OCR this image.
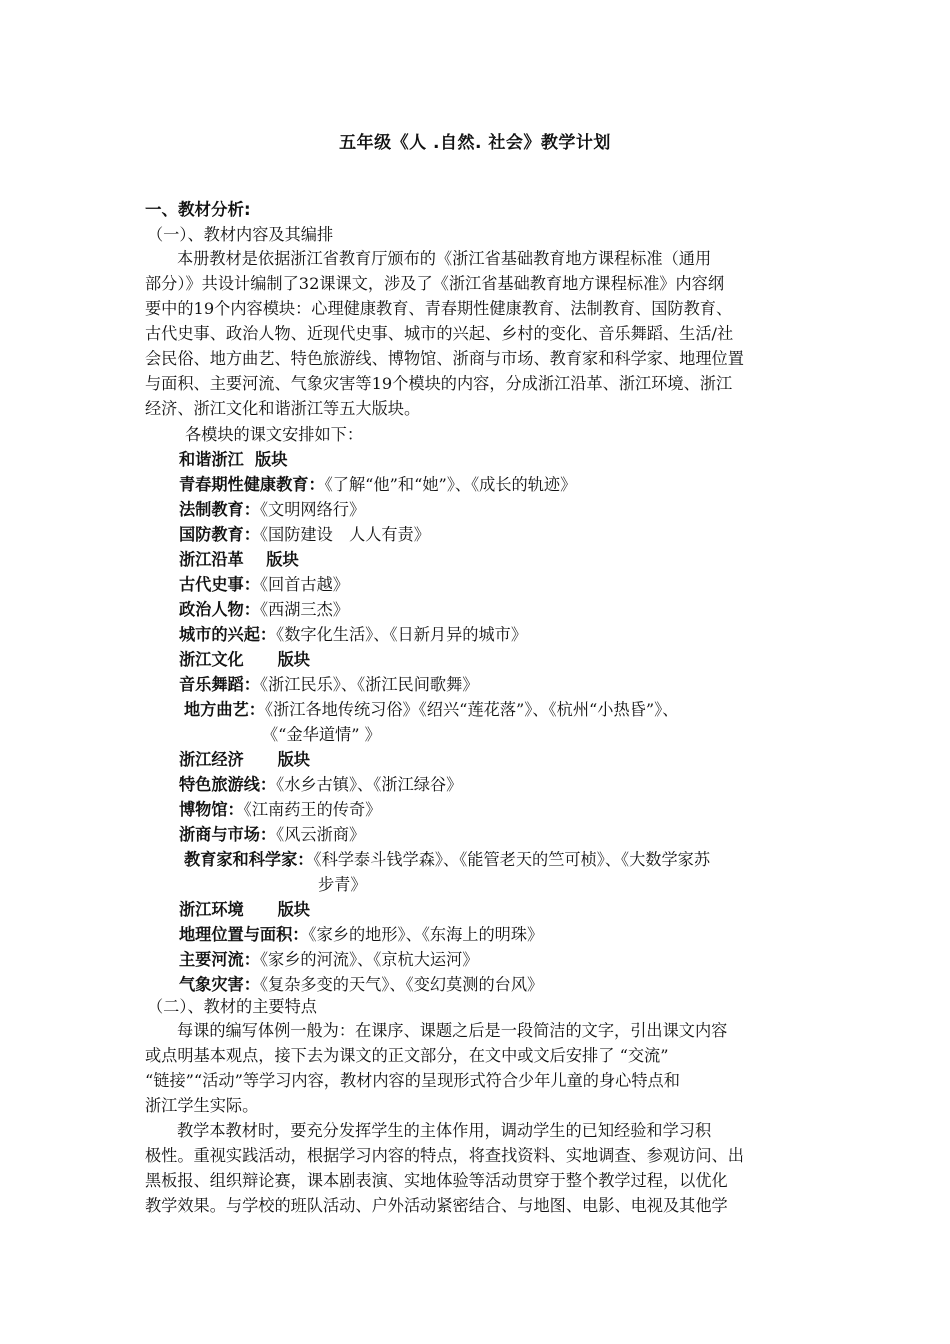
五年级《人 .自然. 社会》教学计划
一、教材分析:
（一）、教材内容及其编排
本册教材是依据浙江省教育厅颁布的《浙江省基础教育地方课程标准（通用
部分）》共设计编制了32课课文，涉及了《浙江省基础教育地方课程标准》内容纲
要中的19个内容模块：心理健康教育、青春期性健康教育、法制教育、国防教育、
古代史事、政治人物、近现代史事、城市的兴起、乡村的变化、音乐舞蹈、生活/社
会民俗、地方曲艺、特色旅游线、博物馆、浙商与市场、教育家和科学家、地理位置
与面积、主要河流、气象灾害等19个模块的内容，分成浙江沿革、浙江环境、浙江
经济、浙江文化和谐浙江等五大版块。
各模块的课文安排如下：
和谐浙江  版块
青春期性健康教育：《了解“他”和“她”》、《成长的轨迹》
法制教育：《文明网络行》
国防教育：《国防建设　人人有责》
浙江沿革    版块
古代史事：《回首古越》
政治人物：《西湖三杰》
城市的兴起：《数字化生活》、《日新月异的城市》
浙江文化      版块
音乐舞蹈：《浙江民乐》、《浙江民间歌舞》
地方曲艺：《浙江各地传统习俗》《绍兴“莲花落”》、《杭州“小热昏”》、
《“金华道情” 》
浙江经济      版块
特色旅游线：《水乡古镇》、《浙江绿谷》
博物馆：《江南药王的传奇》
浙商与市场：《风云浙商》
教育家和科学家：《科学泰斗钱学森》、《能管老天的竺可桢》、《大数学家苏
步青》
浙江环境      版块
地理位置与面积：《家乡的地形》、《东海上的明珠》
主要河流：《家乡的河流》、《京杭大运河》
气象灾害：《复杂多变的天气》、《变幻莫测的台风》
（二）、教材的主要特点
每课的编写体例一般为：在课序、课题之后是一段简洁的文字，引出课文内容
或点明基本观点，接下去为课文的正文部分，在文中或文后安排了 “交流”
“链接”“活动”等学习内容，教材内容的呈现形式符合少年儿童的身心特点和
浙江学生实际。
教学本教材时，要充分发挥学生的主体作用，调动学生的已知经验和学习积
极性。重视实践活动，根据学习内容的特点，将查找资料、实地调查、参观访问、出
黑板报、组织辩论赛，课本剧表演、实地体验等活动贯穿于整个教学过程，以优化
教学效果。与学校的班队活动、户外活动紧密结合、与地图、电影、电视及其他学
